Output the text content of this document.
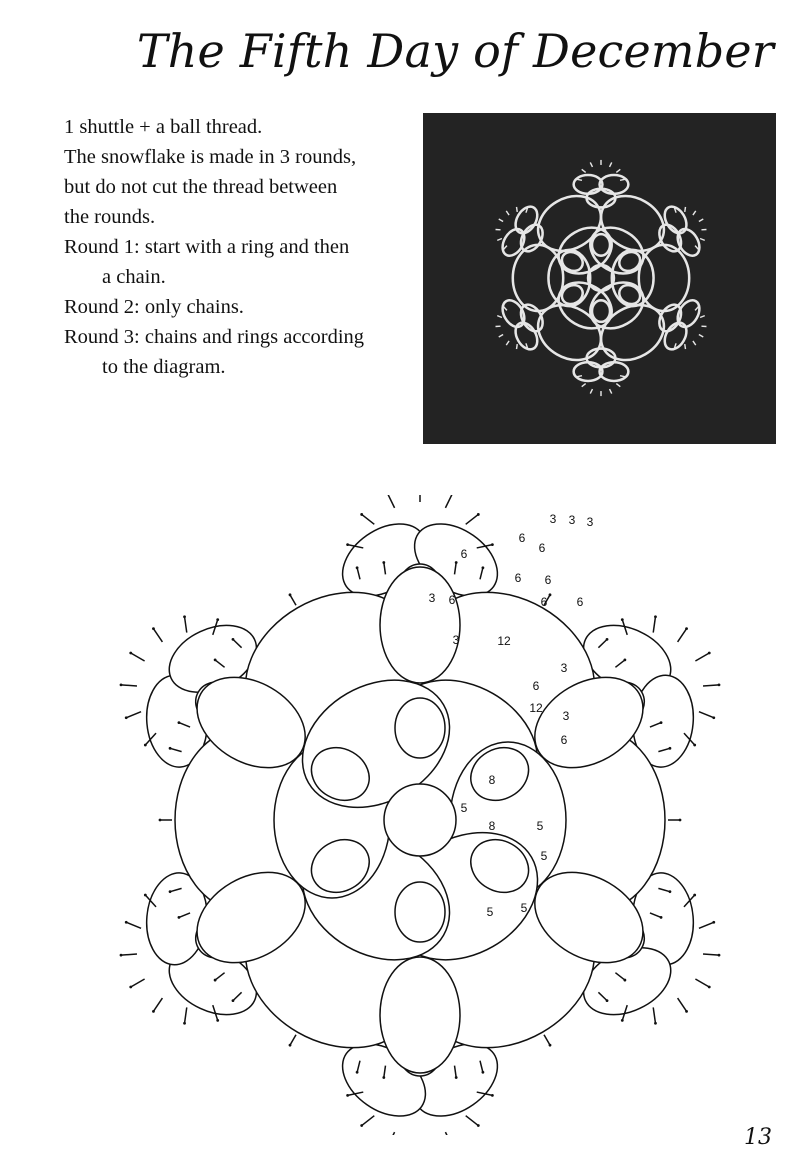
The Fifth Day of December
1 shuttle + a ball thread.
The snowflake is made in 3 rounds,
but do not cut the thread between
the rounds.
Round 1: start with a ring and then
a chain.
Round 2: only chains.
Round 3: chains and rings according
to the diagram.
3 3 3
6
6
6 6
6
6
3 6	6
3	12
3
6
12
3
6
8
5
8	5
5
5 5
13
